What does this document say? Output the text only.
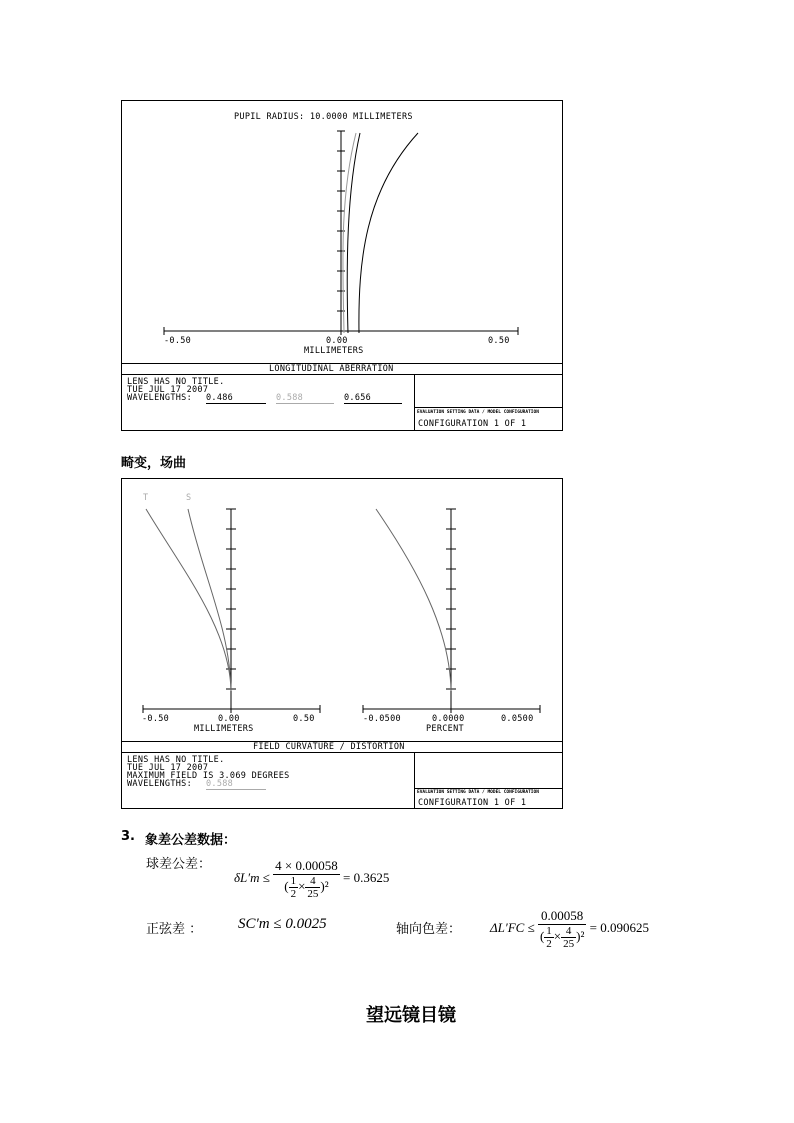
PUPIL RADIUS: 10.0000 MILLIMETERS
-0.50	0.00	0.50
MILLIMETERS
LONGITUDINAL ABERRATION
LENS HAS NO TITLE.
TUE JUL 17 2007
WAVELENGTHS: 0.486	0.588	0.656
EVALUATION SETTING DATA / MODEL CONFIGURATION
CONFIGURATION 1 OF 1
畸变，场曲
T	S
-0.50	0.00	0.50
MILLIMETERS
-0.0500	0.0000	0.0500
PERCENT
FIELD CURVATURE / DISTORTION
LENS HAS NO TITLE.
TUE JUL 17 2007
MAXIMUM FIELD IS 3.069 DEGREES
WAVELENGTHS: 0.588
EVALUATION SETTING DATA / MODEL CONFIGURATION
CONFIGURATION 1 OF 1
3. 象差公差数据：
球差公差：
$\delta L'm \le \frac{4 \times 0.00058}{( \frac{1}{2} \times \frac{4}{25} )^2} = 0.3625$
正弦差 ： SC′m ≤ 0.0025	轴向色差： $\Delta L'FC \le \frac{0.00058}{( \frac{1}{2} \times \frac{4}{25} )^2} = 0.090625$
望远镜目镜
